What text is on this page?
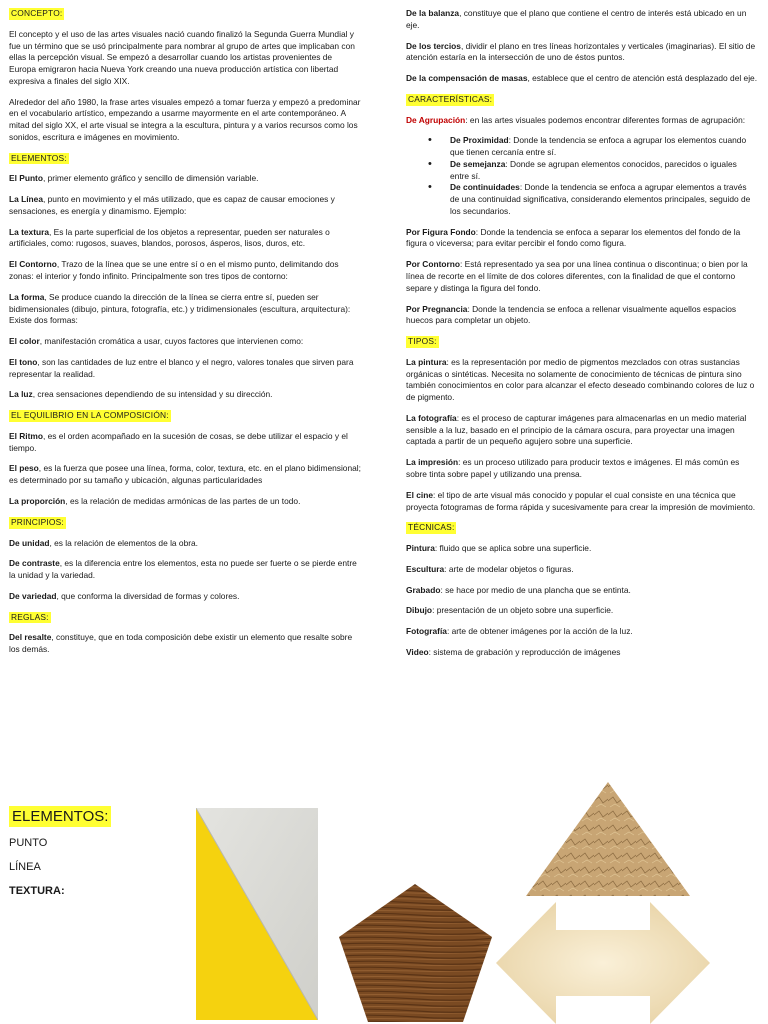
CONCEPTO:

El concepto y el uso de las artes visuales nació cuando finalizó la Segunda Guerra Mundial y fue un término que se usó principalmente para nombrar al grupo de artes que implicaban con ellas la percepción visual. Se empezó a desarrollar cuando los artistas provenientes de Europa emigraron hacia Nueva York creando una nueva producción artística con libertad expresiva a finales del siglo XIX.

Alrededor del año 1980, la frase artes visuales empezó a tomar fuerza y empezó a predominar en el vocabulario artístico, empezando a usarme mayormente en el arte contemporáneo. A mitad del siglo XX, el arte visual se integra a la escultura, pintura y a varios recursos como los sonidos, escritura e imágenes en movimiento.

ELEMENTOS:

El Punto, primer elemento gráfico y sencillo de dimensión variable.

La Línea, punto en movimiento y el más utilizado, que es capaz de causar emociones y sensaciones, es energía y dinamismo. Ejemplo:

La textura, Es la parte superficial de los objetos a representar, pueden ser naturales o artificiales, como: rugosos, suaves, blandos, porosos, ásperos, lisos, duros, etc.

El Contorno, Trazo de la línea que se une entre sí o en el mismo punto, delimitando dos zonas: el interior y fondo infinito. Principalmente son tres tipos de contorno:

La forma, Se produce cuando la dirección de la línea se cierra entre sí, pueden ser bidimensionales (dibujo, pintura, fotografía, etc.) y tridimensionales (escultura, arquitectura): Existe dos formas:

El color, manifestación cromática a usar, cuyos factores que intervienen como:

El tono, son las cantidades de luz entre el blanco y el negro, valores tonales que sirven para representar la realidad.

La luz, crea sensaciones dependiendo de su intensidad y su dirección.

EL EQUILIBRIO EN LA COMPOSICIÓN:

El Ritmo, es el orden acompañado en la sucesión de cosas, se debe utilizar el espacio y el tiempo.

El peso, es la fuerza que posee una línea, forma, color, textura, etc. en el plano bidimensional; es determinado por su tamaño y ubicación, algunas particularidades

La proporción, es la relación de medidas armónicas de las partes de un todo.

PRINCIPIOS:

De unidad, es la relación de elementos de la obra.

De contraste, es la diferencia entre los elementos, esta no puede ser fuerte o se pierde entre la unidad y la variedad.

De variedad, que conforma la diversidad de formas y colores.

REGLAS:

Del resalte, constituye, que en toda composición debe existir un elemento que resalte sobre los demás.

De la balanza, constituye que el plano que contiene el centro de interés está ubicado en un eje.

De los tercios, dividir el plano en tres líneas horizontales y verticales (imaginarias). El sitio de atención estaría en la intersección de uno de éstos puntos.

De la compensación de masas, establece que el centro de atención está desplazado del eje.

CARACTERÍSTICAS:

De Agrupación: en las artes visuales podemos encontrar diferentes formas de agrupación:

• De Proximidad: Donde la tendencia se enfoca a agrupar los elementos cuando que tienen cercanía entre sí.
• De semejanza: Donde se agrupan elementos conocidos, parecidos o iguales entre sí.
• De continuidades: Donde la tendencia se enfoca a agrupar elementos a través de una continuidad significativa, considerando elementos principales, seguido de los secundarios.

Por Figura Fondo: Donde la tendencia se enfoca a separar los elementos del fondo de la figura o viceversa; para evitar percibir el fondo como figura.

Por Contorno: Está representado ya sea por una línea continua o discontinua; o bien por la línea de recorte en el límite de dos colores diferentes, con la finalidad de que el contorno separe y distinga la figura del fondo.

Por Pregnancia: Donde la tendencia se enfoca a rellenar visualmente aquellos espacios huecos para completar un objeto.

TIPOS:

La pintura: es la representación por medio de pigmentos mezclados con otras sustancias orgánicas o sintéticas. Necesita no solamente de conocimiento de técnicas de pintura sino también conocimientos en color para alcanzar el efecto deseado combinando colores de luz o de pigmento.

La fotografía: es el proceso de capturar imágenes para almacenarlas en un medio material sensible a la luz, basado en el principio de la cámara oscura, para proyectar una imagen captada a partir de un pequeño agujero sobre una superficie.

La impresión: es un proceso utilizado para producir textos e imágenes. El más común es sobre tinta sobre papel y utilizando una prensa.

El cine: el tipo de arte visual más conocido y popular el cual consiste en una técnica que proyecta fotogramas de forma rápida y sucesivamente para crear la impresión de movimiento.

TÉCNICAS:

Pintura: fluido que se aplica sobre una superficie.

Escultura: arte de modelar objetos o figuras.

Grabado: se hace por medio de una plancha que se entinta.

Dibujo: presentación de un objeto sobre una superficie.

Fotografía: arte de obtener imágenes por la acción de la luz.

Video: sistema de grabación y reproducción de imágenes

ELEMENTOS:
PUNTO
LÍNEA
TEXTURA:
